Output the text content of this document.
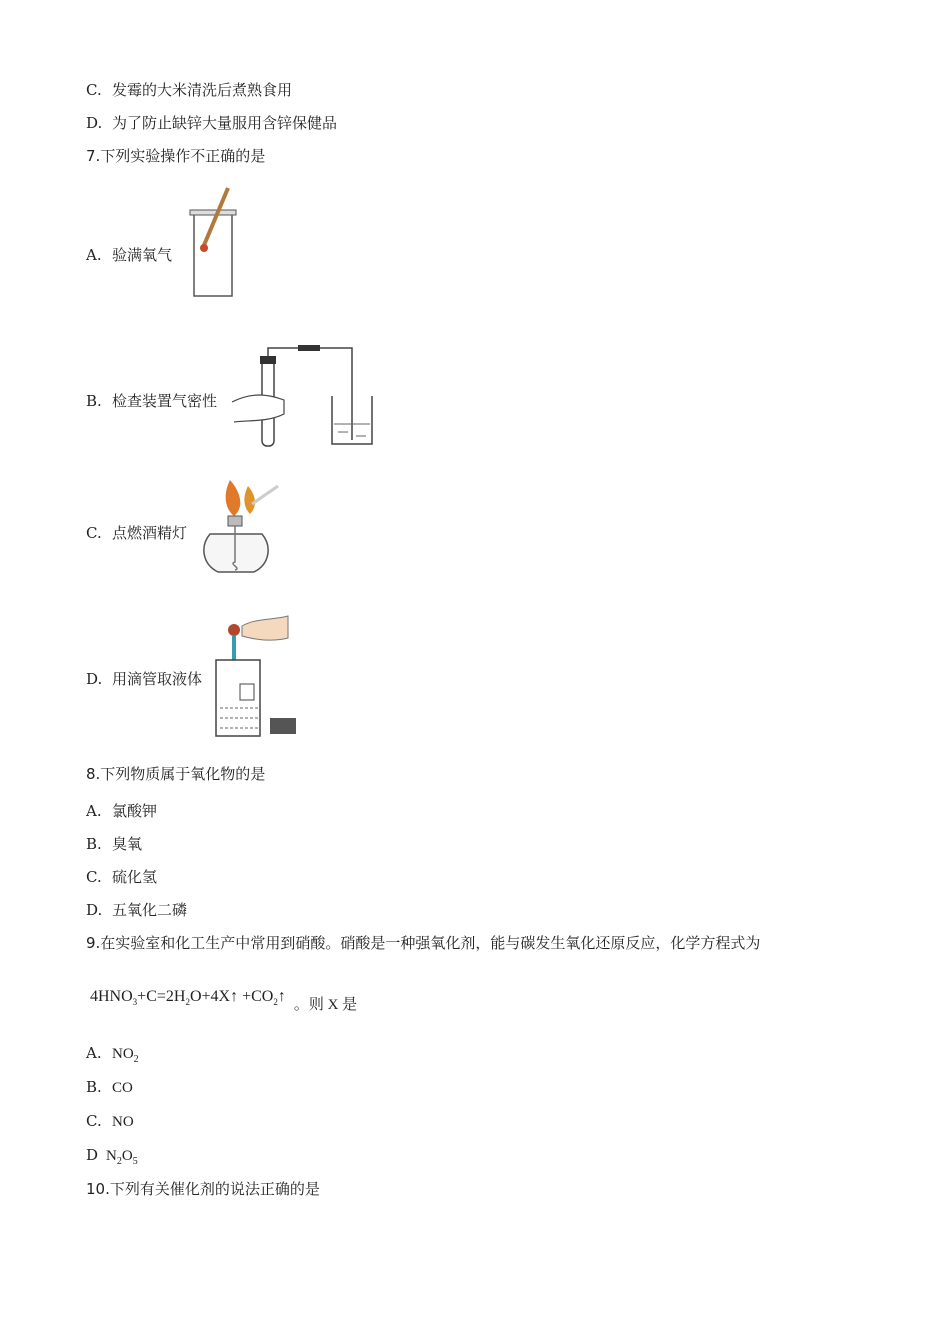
C. 发霉的大米清洗后煮熟食用
D. 为了防止缺锌大量服用含锌保健品
7.下列实验操作不正确的是
A. 验满氧气
B. 检查装置气密性
C. 点燃酒精灯
D. 用滴管取液体
8.下列物质属于氧化物的是
A. 氯酸钾
B. 臭氧
C. 硫化氢
D. 五氧化二磷
9.在实验室和化工生产中常用到硝酸。硝酸是一种强氧化剂，能与碳发生氧化还原反应，化学方程式为
$4HNO_3+C=2H_2O+4X↑$ $+CO_2↑$ 。则 X 是
A. $NO_2$
B. CO
C. NO
D $N_2O_5$
10.下列有关催化剂的说法正确的是
